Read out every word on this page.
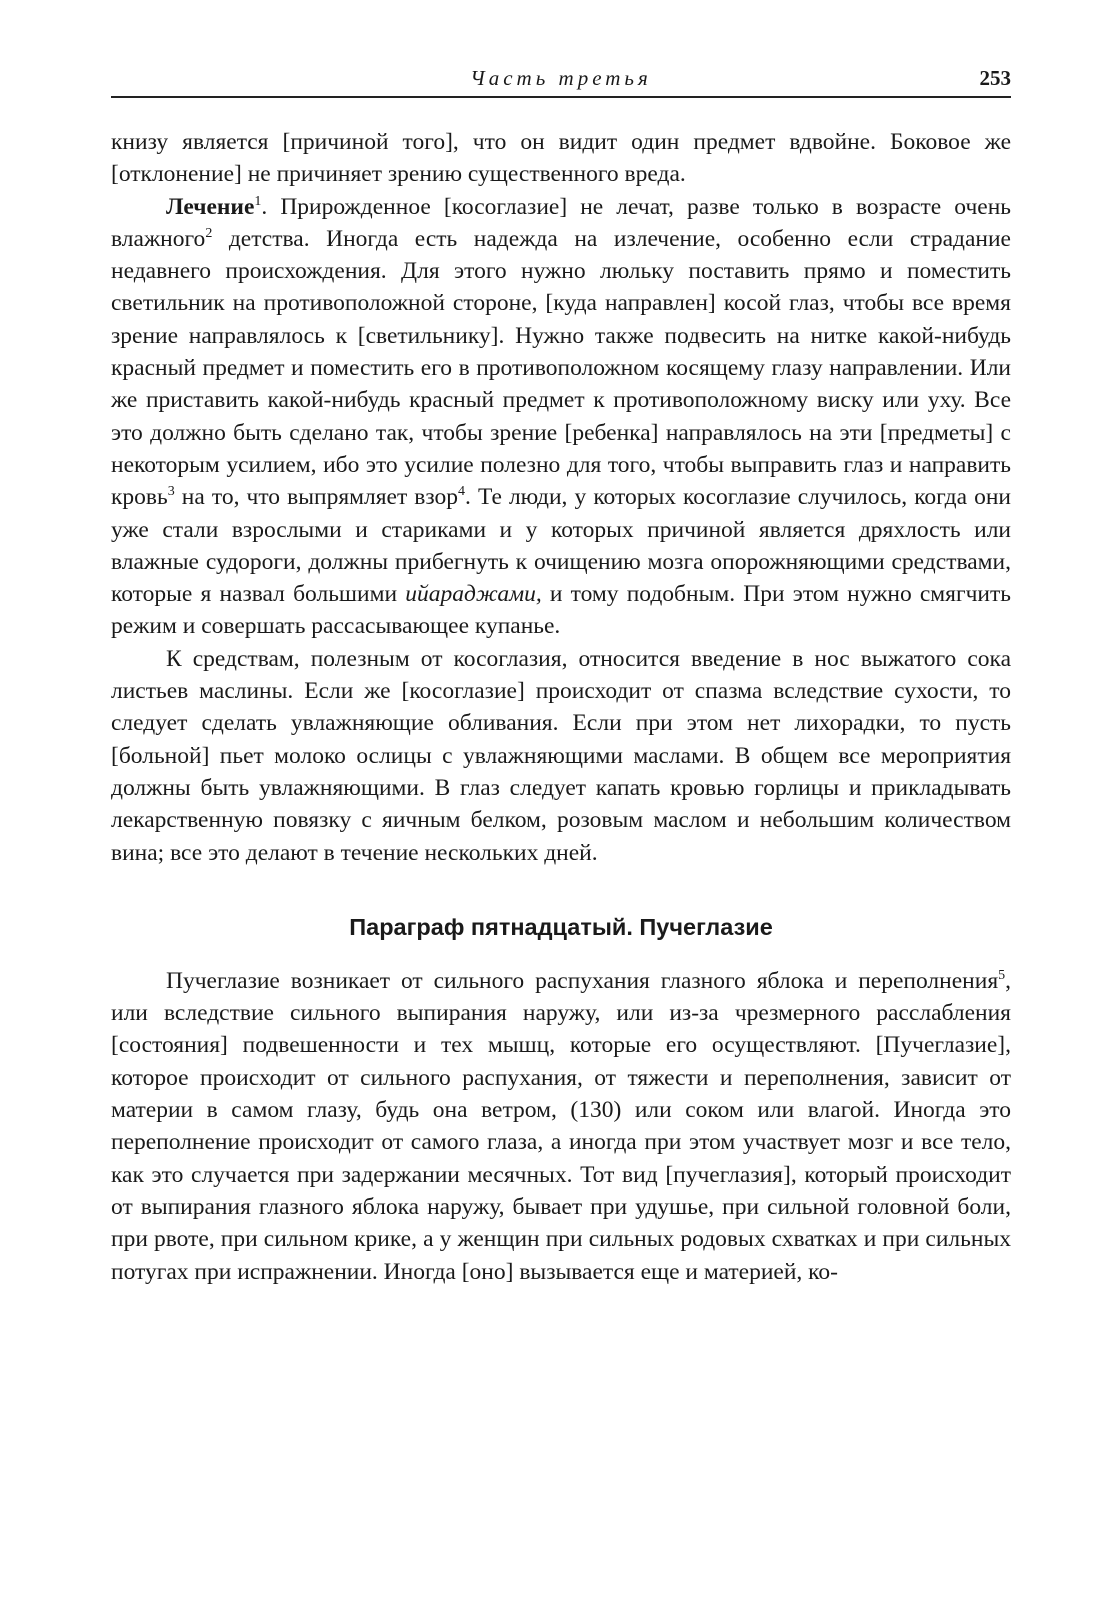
Часть третья	253

книзу является [причиной того], что он видит один предмет вдвойне. Боковое же [отклонение] не причиняет зрению существенного вреда.

Лечение$^1$. Прирожденное [косоглазие] не лечат, разве только в возрасте очень влажного$^2$ детства. Иногда есть надежда на излечение, особенно если страдание недавнего происхождения. Для этого нужно люльку поставить прямо и поместить светильник на противоположной стороне, [куда направлен] косой глаз, чтобы все время зрение направлялось к [светильнику]. Нужно также подвесить на нитке какой-нибудь красный предмет и поместить его в противоположном косящему глазу направлении. Или же приставить какой-нибудь красный предмет к противоположному виску или уху. Все это должно быть сделано так, чтобы зрение [ребенка] направлялось на эти [предметы] с некоторым усилием, ибо это усилие полезно для того, чтобы выправить глаз и направить кровь$^3$ на то, что выпрямляет взор$^4$. Те люди, у которых косоглазие случилось, когда они уже стали взрослыми и стариками и у которых причиной является дряхлость или влажные судороги, должны прибегнуть к очищению мозга опорожняющими средствами, которые я назвал большими ийараджами, и тому подобным. При этом нужно смягчить режим и совершать рассасывающее купанье.

К средствам, полезным от косоглазия, относится введение в нос выжатого сока листьев маслины. Если же [косоглазие] происходит от спазма вследствие сухости, то следует сделать увлажняющие обливания. Если при этом нет лихорадки, то пусть [больной] пьет молоко ослицы с увлажняющими маслами. В общем все мероприятия должны быть увлажняющими. В глаз следует капать кровью горлицы и прикладывать лекарственную повязку с яичным белком, розовым маслом и небольшим количеством вина; все это делают в течение нескольких дней.

Параграф пятнадцатый. Пучеглазие

Пучеглазие возникает от сильного распухания глазного яблока и переполнения$^5$, или вследствие сильного выпирания наружу, или из-за чрезмерного расслабления [состояния] подвешенности и тех мышц, которые его осуществляют. [Пучеглазие], которое происходит от сильного распухания, от тяжести и переполнения, зависит от материи в самом глазу, будь она ветром, (130) или соком или влагой. Иногда это переполнение происходит от самого глаза, а иногда при этом участвует мозг и все тело, как это случается при задержании месячных. Тот вид [пучеглазия], который происходит от выпирания глазного яблока наружу, бывает при удушье, при сильной головной боли, при рвоте, при сильном крике, а у женщин при сильных родовых схватках и при сильных потугах при испражнении. Иногда [оно] вызывается еще и материей, ко-
